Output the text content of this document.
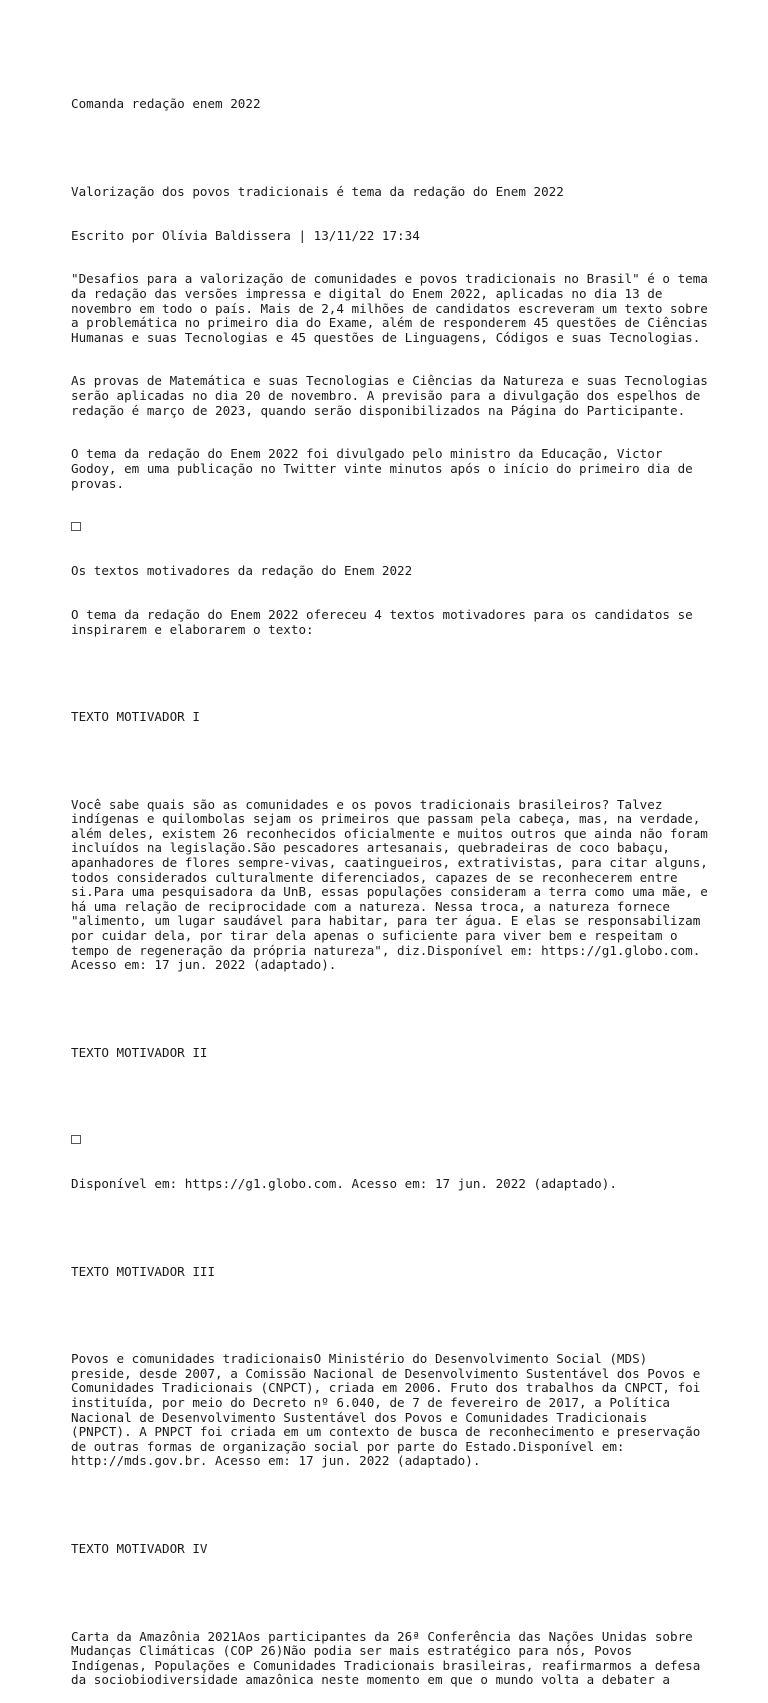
Comanda redação enem 2022

Valorização dos povos tradicionais é tema da redação do Enem 2022

Escrito por Olívia Baldissera | 13/11/22 17:34

"Desafios para a valorização de comunidades e povos tradicionais no Brasil" é o tema da redação das versões impressa e digital do Enem 2022, aplicadas no dia 13 de novembro em todo o país. Mais de 2,4 milhões de candidatos escreveram um texto sobre a problemática no primeiro dia do Exame, além de responderem 45 questões de Ciências Humanas e suas Tecnologias e 45 questões de Linguagens, Códigos e suas Tecnologias.

As provas de Matemática e suas Tecnologias e Ciências da Natureza e suas Tecnologias serão aplicadas no dia 20 de novembro. A previsão para a divulgação dos espelhos de redação é março de 2023, quando serão disponibilizados na Página do Participante.

O tema da redação do Enem 2022 foi divulgado pelo ministro da Educação, Victor Godoy, em uma publicação no Twitter vinte minutos após o início do primeiro dia de provas.

Os textos motivadores da redação do Enem 2022

O tema da redação do Enem 2022 ofereceu 4 textos motivadores para os candidatos se inspirarem e elaborarem o texto:

TEXTO MOTIVADOR I

Você sabe quais são as comunidades e os povos tradicionais brasileiros? Talvez indígenas e quilombolas sejam os primeiros que passam pela cabeça, mas, na verdade, além deles, existem 26 reconhecidos oficialmente e muitos outros que ainda não foram incluídos na legislação.São pescadores artesanais, quebradeiras de coco babaçu, apanhadores de flores sempre-vivas, caatingueiros, extrativistas, para citar alguns, todos considerados culturalmente diferenciados, capazes de se reconhecerem entre si.Para uma pesquisadora da UnB, essas populações consideram a terra como uma mãe, e há uma relação de reciprocidade com a natureza. Nessa troca, a natureza fornece "alimento, um lugar saudável para habitar, para ter água. E elas se responsabilizam por cuidar dela, por tirar dela apenas o suficiente para viver bem e respeitam o tempo de regeneração da própria natureza", diz.Disponível em: https://g1.globo.com. Acesso em: 17 jun. 2022 (adaptado).

TEXTO MOTIVADOR II

Disponível em: https://g1.globo.com. Acesso em: 17 jun. 2022 (adaptado).

TEXTO MOTIVADOR III

Povos e comunidades tradicionaisO Ministério do Desenvolvimento Social (MDS) preside, desde 2007, a Comissão Nacional de Desenvolvimento Sustentável dos Povos e Comunidades Tradicionais (CNPCT), criada em 2006. Fruto dos trabalhos da CNPCT, foi instituída, por meio do Decreto nº 6.040, de 7 de fevereiro de 2017, a Política Nacional de Desenvolvimento Sustentável dos Povos e Comunidades Tradicionais (PNPCT). A PNPCT foi criada em um contexto de busca de reconhecimento e preservação de outras formas de organização social por parte do Estado.Disponível em: http://mds.gov.br. Acesso em: 17 jun. 2022 (adaptado).

TEXTO MOTIVADOR IV

Carta da Amazônia 2021Aos participantes da 26ª Conferência das Nações Unidas sobre Mudanças Climáticas (COP 26)Não podia ser mais estratégico para nós, Povos Indígenas, Populações e Comunidades Tradicionais brasileiras, reafirmarmos a defesa da sociobiodiversidade amazônica neste momento em que o mundo volta a debater a
